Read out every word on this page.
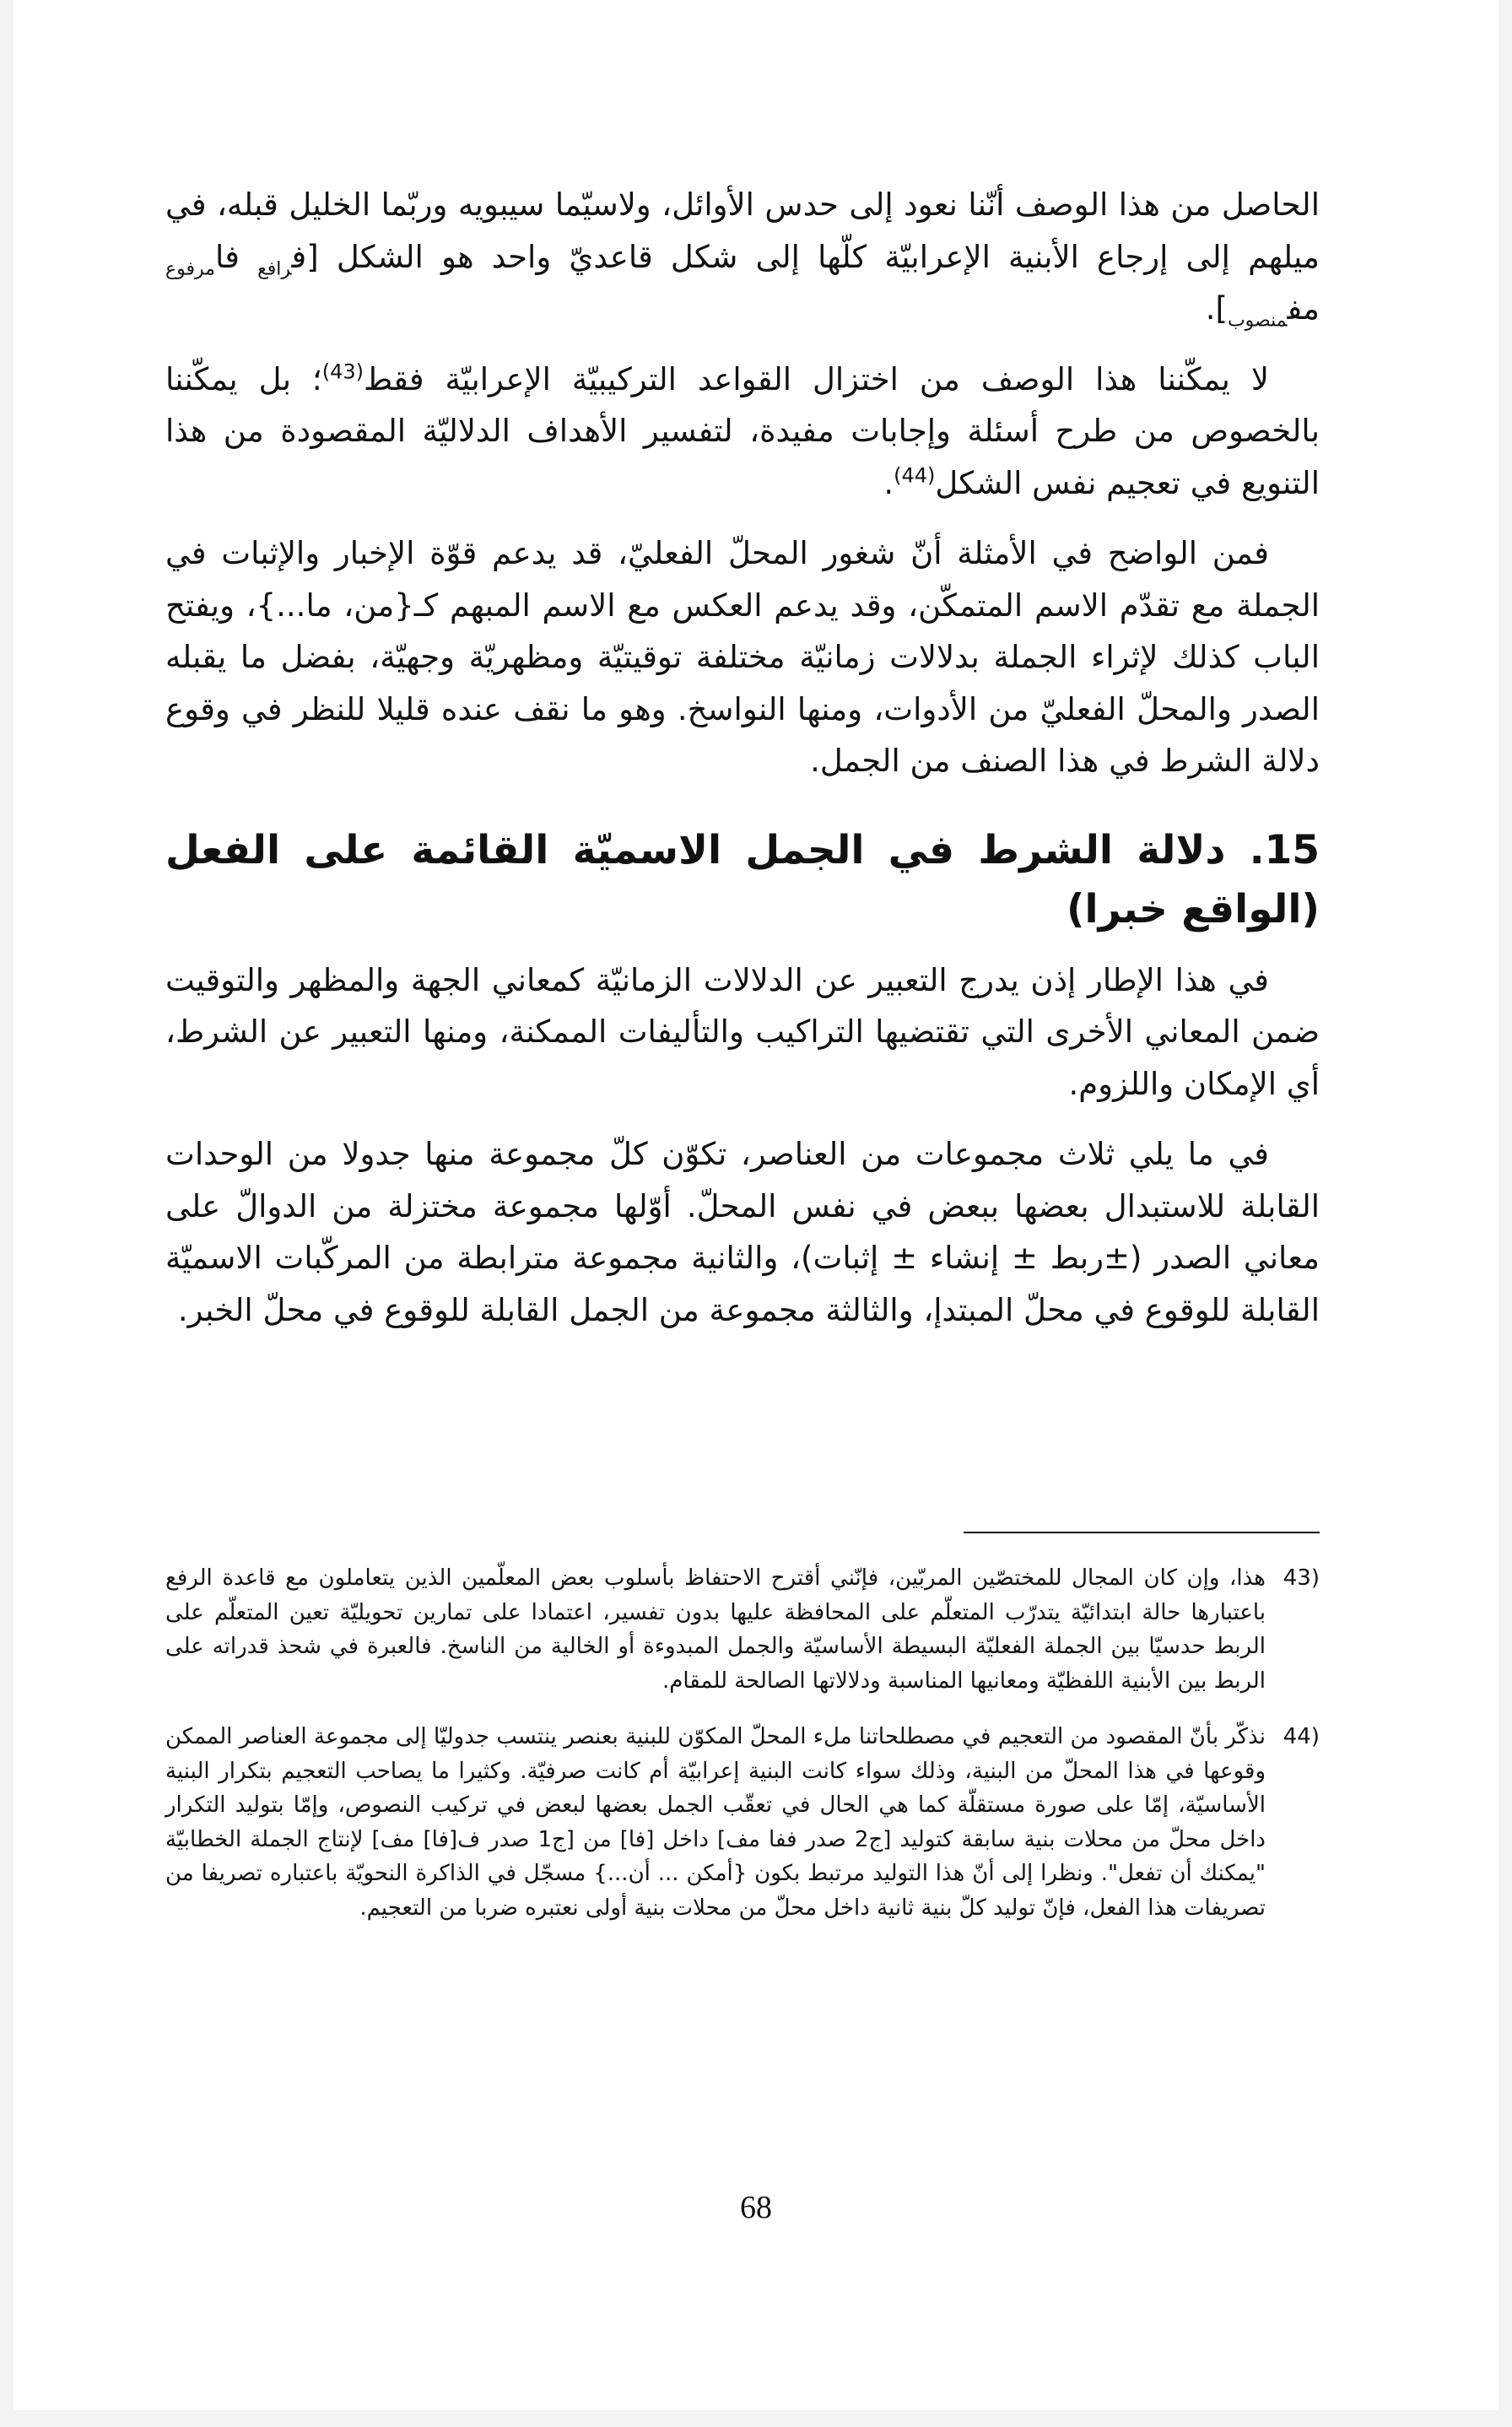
الحاصل من هذا الوصف أنّنا نعود إلى حدس الأوائل، ولاسيّما سيبويه وربّما الخليل قبله، في ميلهم إلى إرجاع الأبنية الإعرابيّة كلّها إلى شكل قاعديّ واحد هو الشكل [ف$_{رافع}$ فا$_{مرفوع}$ مف$_{منصوب}$].

لا يمكّننا هذا الوصف من اختزال القواعد التركيبيّة الإعرابيّة فقط$^{(43)}$؛ بل يمكّننا بالخصوص من طرح أسئلة وإجابات مفيدة، لتفسير الأهداف الدلاليّة المقصودة من هذا التنويع في تعجيم نفس الشكل$^{(44)}$.

فمن الواضح في الأمثلة أنّ شغور المحلّ الفعليّ، قد يدعم قوّة الإخبار والإثبات في الجملة مع تقدّم الاسم المتمكّن، وقد يدعم العكس مع الاسم المبهم كـ{من، ما...}، ويفتح الباب كذلك لإثراء الجملة بدلالات زمانيّة مختلفة توقيتيّة ومظهريّة وجهيّة، بفضل ما يقبله الصدر والمحلّ الفعليّ من الأدوات، ومنها النواسخ. وهو ما نقف عنده قليلا للنظر في وقوع دلالة الشرط في هذا الصنف من الجمل.

15. دلالة الشرط في الجمل الاسميّة القائمة على الفعل (الواقع خبرا)

في هذا الإطار إذن يدرج التعبير عن الدلالات الزمانيّة كمعاني الجهة والمظهر والتوقيت ضمن المعاني الأخرى التي تقتضيها التراكيب والتأليفات الممكنة، ومنها التعبير عن الشرط، أي الإمكان واللزوم.

في ما يلي ثلاث مجموعات من العناصر، تكوّن كلّ مجموعة منها جدولا من الوحدات القابلة للاستبدال بعضها ببعض في نفس المحلّ. أوّلها مجموعة مختزلة من الدوالّ على معاني الصدر (±ربط ± إنشاء ± إثبات)، والثانية مجموعة مترابطة من المركّبات الاسميّة القابلة للوقوع في محلّ المبتدإ، والثالثة مجموعة من الجمل القابلة للوقوع في محلّ الخبر.

43)
هذا، وإن كان المجال للمختصّين المربّين، فإنّني أقترح الاحتفاظ بأسلوب بعض المعلّمين الذين يتعاملون مع قاعدة الرفع باعتبارها حالة ابتدائيّة يتدرّب المتعلّم على المحافظة عليها بدون تفسير، اعتمادا على تمارين تحويليّة تعين المتعلّم على الربط حدسيّا بين الجملة الفعليّة البسيطة الأساسيّة والجمل المبدوءة أو الخالية من الناسخ. فالعبرة في شحذ قدراته على الربط بين الأبنية اللفظيّة ومعانيها المناسبة ودلالاتها الصالحة للمقام.
44)
نذكّر بأنّ المقصود من التعجيم في مصطلحاتنا ملء المحلّ المكوّن للبنية بعنصر ينتسب جدوليّا إلى مجموعة العناصر الممكن وقوعها في هذا المحلّ من البنية، وذلك سواء كانت البنية إعرابيّة أم كانت صرفيّة. وكثيرا ما يصاحب التعجيم بتكرار البنية الأساسيّة، إمّا على صورة مستقلّة كما هي الحال في تعقّب الجمل بعضها لبعض في تركيب النصوص، وإمّا بتوليد التكرار داخل محلّ من محلات بنية سابقة كتوليد [ج2 صدر ففا مف] داخل [فا] من [ج1 صدر ف[فا] مف] لإنتاج الجملة الخطابيّة "يمكنك أن تفعل". ونظرا إلى أنّ هذا التوليد مرتبط بكون {أمكن ... أن...} مسجّل في الذاكرة النحويّة باعتباره تصريفا من تصريفات هذا الفعل، فإنّ توليد كلّ بنية ثانية داخل محلّ من محلات بنية أولى نعتبره ضربا من التعجيم.
68
